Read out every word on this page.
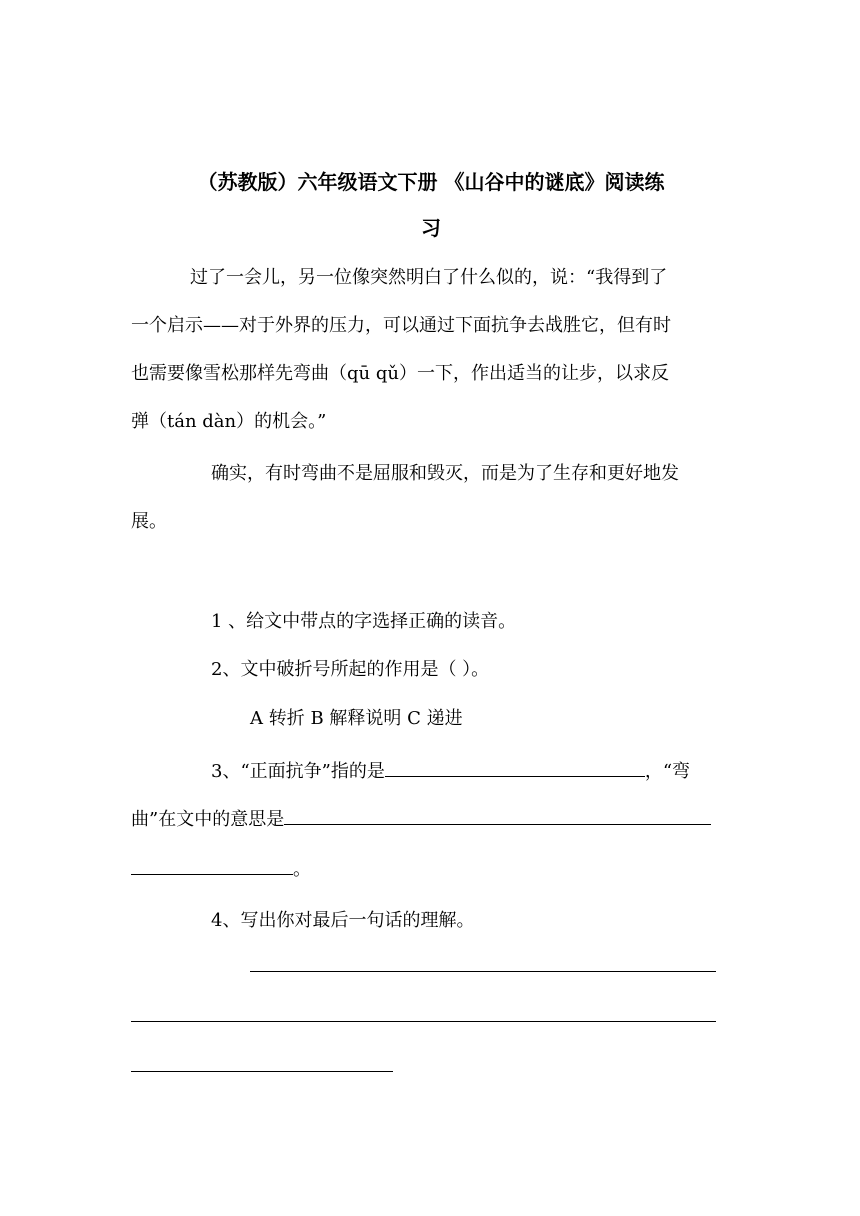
（苏教版）六年级语文下册 《山谷中的谜底》阅读练
习
过了一会儿，另一位像突然明白了什么似的，说：“我得到了
一个启示——对于外界的压力，可以通过下面抗争去战胜它，但有时
也需要像雪松那样先弯曲（qū qǔ）一下，作出适当的让步，以求反
弹（tán dàn）的机会。”
确实，有时弯曲不是屈服和毁灭，而是为了生存和更好地发
展。
1 、给文中带点的字选择正确的读音。
2、文中破折号所起的作用是（ ）。
A 转折 B 解释说明 C 递进
3、“正面抗争”指的是	，“弯
曲”在文中的意思是
。
4、写出你对最后一句话的理解。
